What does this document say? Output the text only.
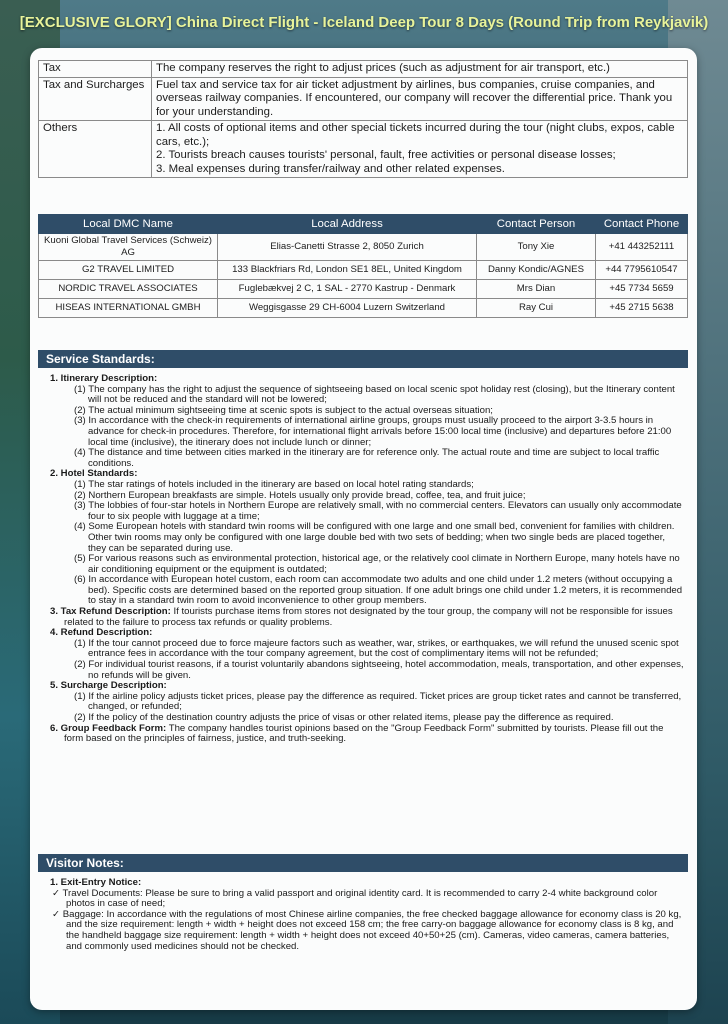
[EXCLUSIVE GLORY] China Direct Flight - Iceland Deep Tour 8 Days (Round Trip from Reykjavik)
Tax	The company reserves the right to adjust prices (such as adjustment for air transport, etc.)

Tax and Surcharges	Fuel tax and service tax for air ticket adjustment by airlines, bus companies, cruise companies, and overseas railway companies. If encountered, our company will recover the differential price. Thank you for your understanding.

Others	1. All costs of optional items and other special tickets incurred during the tour (night clubs, expos, cable cars, etc.);
2. Tourists breach causes tourists' personal, fault, free activities or personal disease losses;
3. Meal expenses during transfer/railway and other related expenses.
Local DMC Name	Local Address	Contact Person	Contact Phone
Kuoni Global Travel Services (Schweiz) AG	Elias-Canetti Strasse 2, 8050 Zurich	Tony Xie	+41 443252111
G2 TRAVEL LIMITED	133 Blackfriars Rd, London SE1 8EL, United Kingdom	Danny Kondic/AGNES	+44 7795610547
NORDIC TRAVEL ASSOCIATES	Fuglebækvej 2 C, 1 SAL - 2770 Kastrup - Denmark	Mrs Dian	+45 7734 5659
HISEAS INTERNATIONAL GMBH	Weggisgasse 29 CH-6004 Luzern Switzerland	Ray Cui	+45 2715 5638
Service Standards:
1. Itinerary Description:
(1) The company has the right to adjust the sequence of sightseeing based on local scenic spot holiday rest (closing), but the Itinerary content will not be reduced and the standard will not be lowered;
(2) The actual minimum sightseeing time at scenic spots is subject to the actual overseas situation;
(3) In accordance with the check-in requirements of international airline groups, groups must usually proceed to the airport 3-3.5 hours in advance for check-in procedures. Therefore, for international flight arrivals before 15:00 local time (inclusive) and departures before 21:00 local time (inclusive), the itinerary does not include lunch or dinner;
(4) The distance and time between cities marked in the itinerary are for reference only. The actual route and time are subject to local traffic conditions.
2. Hotel Standards:
(1) The star ratings of hotels included in the itinerary are based on local hotel rating standards;
(2) Northern European breakfasts are simple. Hotels usually only provide bread, coffee, tea, and fruit juice;
(3) The lobbies of four-star hotels in Northern Europe are relatively small, with no commercial centers. Elevators can usually only accommodate four to six people with luggage at a time;
(4) Some European hotels with standard twin rooms will be configured with one large and one small bed, convenient for families with children. Other twin rooms may only be configured with one large double bed with two sets of bedding; when two single beds are placed together, they can be separated during use.
(5) For various reasons such as environmental protection, historical age, or the relatively cool climate in Northern Europe, many hotels have no air conditioning equipment or the equipment is outdated;
(6) In accordance with European hotel custom, each room can accommodate two adults and one child under 1.2 meters (without occupying a bed). Specific costs are determined based on the reported group situation. If one adult brings one child under 1.2 meters, it is recommended to stay in a standard twin room to avoid inconvenience to other group members.
3. Tax Refund Description: If tourists purchase items from stores not designated by the tour group, the company will not be responsible for issues related to the failure to process tax refunds or quality problems.
4. Refund Description:
(1) If the tour cannot proceed due to force majeure factors such as weather, war, strikes, or earthquakes, we will refund the unused scenic spot entrance fees in accordance with the tour company agreement, but the cost of complimentary items will not be refunded;
(2) For individual tourist reasons, if a tourist voluntarily abandons sightseeing, hotel accommodation, meals, transportation, and other expenses, no refunds will be given.
5. Surcharge Description:
(1) If the airline policy adjusts ticket prices, please pay the difference as required. Ticket prices are group ticket rates and cannot be transferred, changed, or refunded;
(2) If the policy of the destination country adjusts the price of visas or other related items, please pay the difference as required.
6. Group Feedback Form: The company handles tourist opinions based on the "Group Feedback Form" submitted by tourists. Please fill out the form based on the principles of fairness, justice, and truth-seeking.
Visitor Notes:
1. Exit-Entry Notice:
✓ Travel Documents: Please be sure to bring a valid passport and original identity card. It is recommended to carry 2-4 white background color photos in case of need;
✓ Baggage: In accordance with the regulations of most Chinese airline companies, the free checked baggage allowance for economy class is 20 kg, and the size requirement: length + width + height does not exceed 158 cm; the free carry-on baggage allowance for economy class is 8 kg, and the handheld baggage size requirement: length + width + height does not exceed 40+50+25 (cm). Cameras, video cameras, camera batteries, and commonly used medicines should not be checked.
